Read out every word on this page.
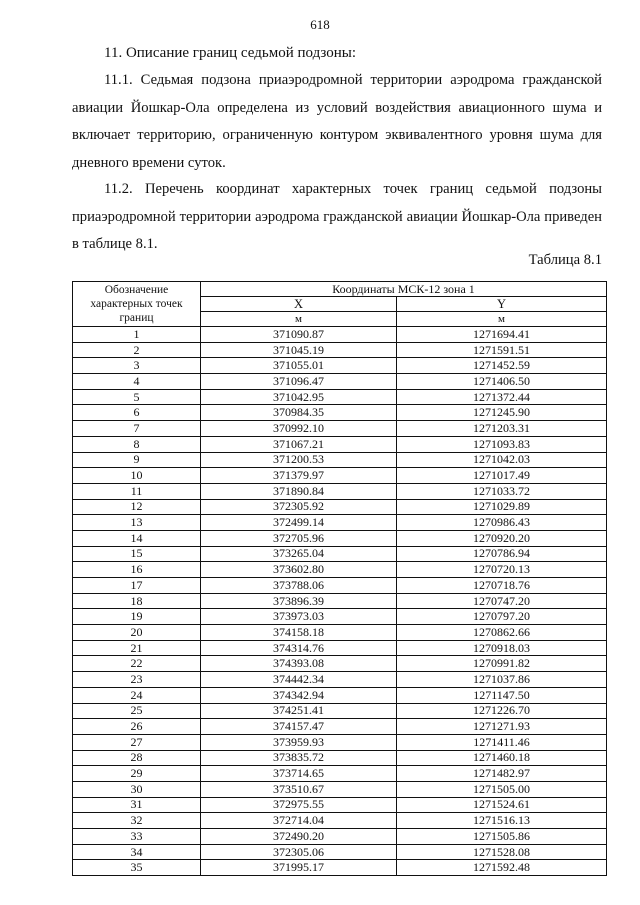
618
11. Описание границ седьмой подзоны:

11.1. Седьмая подзона приаэродромной территории аэродрома гражданской авиации Йошкар-Ола определена из условий воздействия авиационного шума и включает территорию, ограниченную контуром эквивалентного уровня шума для дневного времени суток.

11.2. Перечень координат характерных точек границ седьмой подзоны приаэродромной территории аэродрома гражданской авиации Йошкар-Ола приведен в таблице 8.1.

Таблица 8.1
Обозначение характерных точек границ	Координаты МСК-12 зона 1	
	X	Y
	м	м
1	371090.87	1271694.41
2	371045.19	1271591.51
3	371055.01	1271452.59
4	371096.47	1271406.50
5	371042.95	1271372.44
6	370984.35	1271245.90
7	370992.10	1271203.31
8	371067.21	1271093.83
9	371200.53	1271042.03
10	371379.97	1271017.49
11	371890.84	1271033.72
12	372305.92	1271029.89
13	372499.14	1270986.43
14	372705.96	1270920.20
15	373265.04	1270786.94
16	373602.80	1270720.13
17	373788.06	1270718.76
18	373896.39	1270747.20
19	373973.03	1270797.20
20	374158.18	1270862.66
21	374314.76	1270918.03
22	374393.08	1270991.82
23	374442.34	1271037.86
24	374342.94	1271147.50
25	374251.41	1271226.70
26	374157.47	1271271.93
27	373959.93	1271411.46
28	373835.72	1271460.18
29	373714.65	1271482.97
30	373510.67	1271505.00
31	372975.55	1271524.61
32	372714.04	1271516.13
33	372490.20	1271505.86
34	372305.06	1271528.08
35	371995.17	1271592.48
